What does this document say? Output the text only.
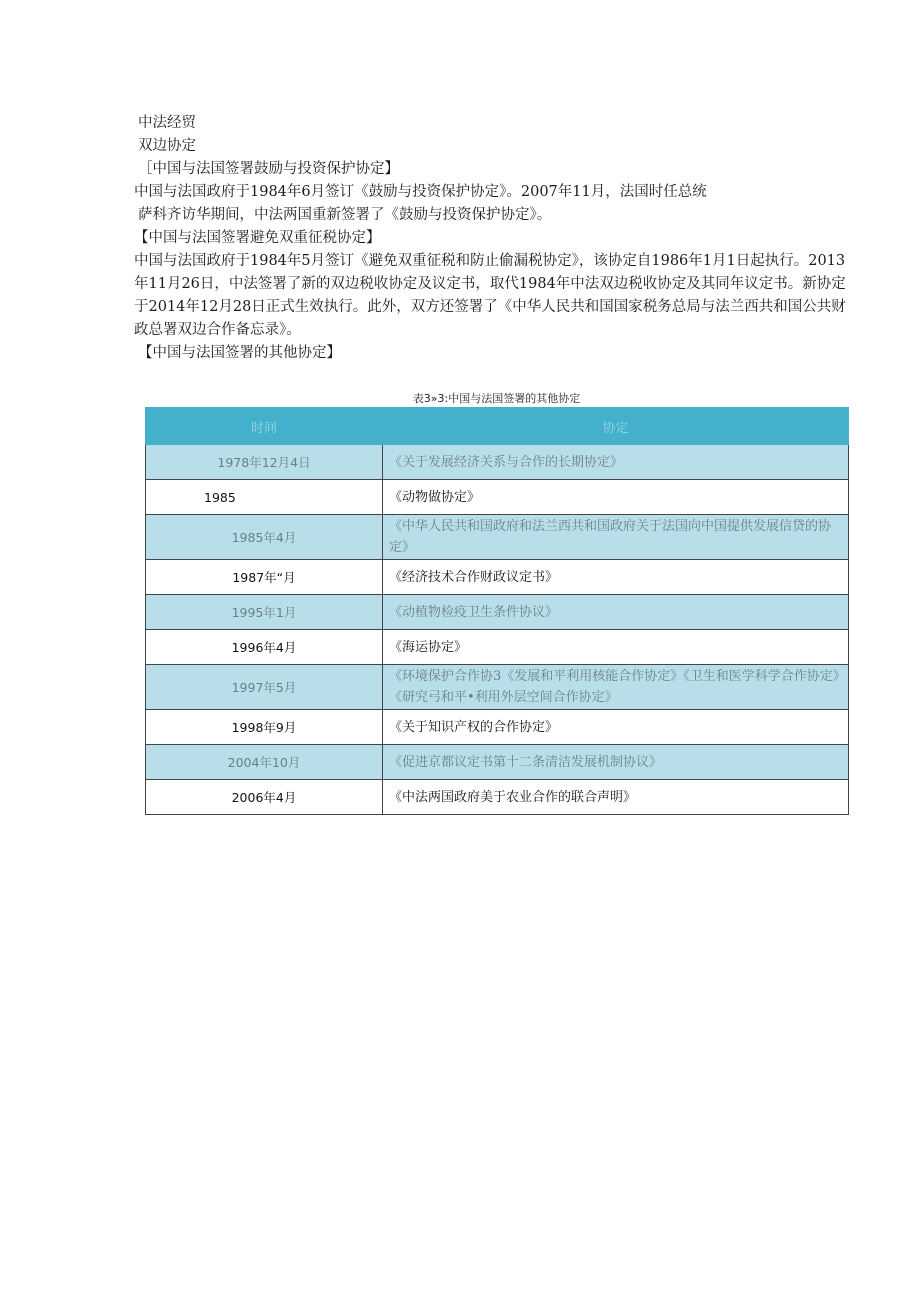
中法经贸
双边协定
［中国与法国签署鼓励与投资保护协定】
中国与法国政府于1984年6月签订《鼓励与投资保护协定》。2007年11月，法国时任总统
萨科齐访华期间，中法两国重新签署了《鼓励与投资保护协定》。
【中国与法国签署避免双重征税协定】
中国与法国政府于1984年5月签订《避免双重征税和防止偷漏税协定》，该协定自1986年1月1日起执行。2013年11月26日，中法签署了新的双边税收协定及议定书，取代1984年中法双边税收协定及其同年议定书。新协定于2014年12月28日正式生效执行。此外，双方还签署了《中华人民共和国国家税务总局与法兰西共和国公共财政总署双边合作备忘录》。
【中国与法国签署的其他协定】
表3»3:中国与法国签署的其他协定
时间	协定
1978年12月4日	《关于发展经济关系与合作的长期协定》
1985	《动物做协定》
1985年4月	《中华人民共和国政府和法兰西共和国政府关于法国向中国提供发展信贷的协定》
1987年“月	《经济技术合作财政议定书》
1995年1月	《动植物检疫卫生条件协议》
1996年4月	《海运协定》
1997年5月	《环境保护合作协3《发展和平利用核能合作协定》《卫生和医学科学合作协定》《研究弓和平•利用外层空间合作协定》
1998年9月	《关于知识产权的合作协定》
2004年10月	《促进京都议定书第十二条清洁发展机制协议》
2006年4月	《中法两国政府美于农业合作的联合声明》
